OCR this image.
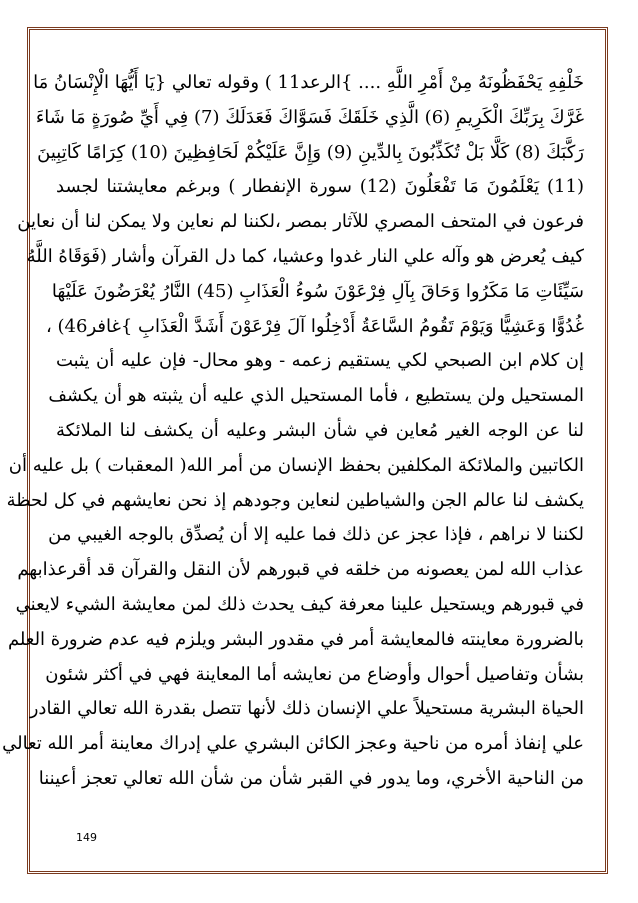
خَلْفِهِ يَحْفَظُونَهُ مِنْ أَمْرِ اللَّهِ .... }الرعد11 ) وقوله تعالي {يَا أَيُّهَا الْإِنْسَانُ مَا
غَرَّكَ بِرَبِّكَ الْكَرِيمِ (6) الَّذِي خَلَقَكَ فَسَوَّاكَ فَعَدَلَكَ (7) فِي أَيِّ صُورَةٍ مَا شَاءَ
رَكَّبَكَ (8) كَلَّا بَلْ تُكَذِّبُونَ بِالدِّينِ (9) وَإِنَّ عَلَيْكُمْ لَحَافِظِينَ (10) كِرَامًا كَاتِبِينَ
(11) يَعْلَمُونَ مَا تَفْعَلُونَ (12) سورة الإنفطار ) وبرغم معايشتنا لجسد
فرعون في المتحف المصري للآثار بمصر ،لكننا لم نعاين ولا يمكن لنا أن نعاين
كيف يُعرض هو وآله علي النار غدوا وعشيا، كما دل القرآن وأشار (فَوَقَاهُ اللَّهُ
سَيِّئَاتِ مَا مَكَرُوا وَحَاقَ بِآلِ فِرْعَوْنَ سُوءُ الْعَذَابِ (45) النَّارُ يُعْرَضُونَ عَلَيْهَا
غُدُوًّا وَعَشِيًّا وَيَوْمَ تَقُومُ السَّاعَةُ أَدْخِلُوا آلَ فِرْعَوْنَ أَشَدَّ الْعَذَابِ }غافر46) ،
إن كلام ابن الصبحي لكي يستقيم زعمه - وهو محال- فإن عليه أن يثبت
المستحيل ولن يستطيع ، فأما المستحيل الذي عليه أن يثبته هو أن يكشف
لنا عن الوجه الغير مُعاين في شأن البشر وعليه أن يكشف لنا الملائكة
الكاتبين والملائكة المكلفين بحفظ الإنسان من أمر الله( المعقبات ) بل عليه أن
يكشف لنا عالم الجن والشياطين لنعاين وجودهم إذ نحن نعايشهم في كل لحظة
لكننا لا نراهم ، فإذا عجز عن ذلك فما عليه إلا أن يُصدِّق بالوجه الغيبي من
عذاب الله لمن يعصونه من خلقه في قبورهم لأن النقل والقرآن قد أقرعذابهم
في قبورهم ويستحيل علينا معرفة كيف يحدث ذلك لمن معايشة الشيء لايعني
بالضرورة معاينته فالمعايشة أمر في مقدور البشر ويلزم فيه عدم ضرورة العلم
بشأن وتفاصيل أحوال وأوضاع من نعايشه أما المعاينة فهي في أكثر شئون
الحياة البشرية مستحيلاً علي الإنسان ذلك لأنها تتصل بقدرة الله تعالي القادر
علي إنفاذ أمره من ناحية وعجز الكائن البشري علي إدراك معاينة أمر الله تعالي
من الناحية الأخري، وما يدور في القبر شأن من شأن الله تعالي تعجز أعيننا
149
